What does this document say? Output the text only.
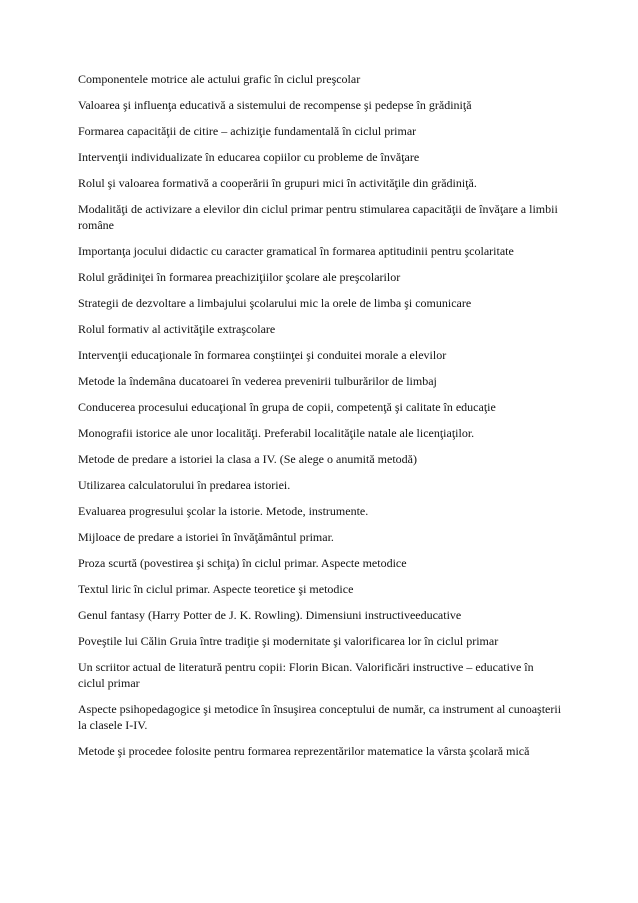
Componentele motrice ale actului grafic în ciclul preşcolar
Valoarea şi influenţa educativă a sistemului de recompense şi pedepse în grădiniţă
Formarea capacităţii de citire – achiziţie fundamentală în ciclul primar
Intervenţii individualizate în educarea copiilor cu probleme de învăţare
Rolul şi valoarea formativă a cooperării în grupuri mici în activităţile din grădiniţă.
Modalităţi de activizare a elevilor din ciclul primar pentru stimularea capacităţii de învăţare a limbii române
Importanţa jocului didactic cu caracter gramatical în formarea aptitudinii pentru şcolaritate
Rolul grădiniţei în formarea preachiziţiilor şcolare ale preşcolarilor
Strategii de dezvoltare a limbajului şcolarului mic la orele de limba şi comunicare
Rolul formativ al activităţile extraşcolare
Intervenţii educaţionale în formarea conştiinţei şi conduitei morale a elevilor
Metode la îndemâna ducatoarei în vederea prevenirii tulburărilor de limbaj
Conducerea procesului educaţional în grupa de copii, competenţă şi calitate în educaţie
Monografii istorice ale unor localităţi. Preferabil localităţile natale ale licenţiaţilor.
Metode de predare a istoriei la clasa a IV. (Se alege o anumită metodă)
Utilizarea calculatorului în predarea istoriei.
Evaluarea progresului şcolar la istorie. Metode, instrumente.
Mijloace de predare a istoriei în învăţământul primar.
Proza scurtă (povestirea şi schiţa) în ciclul primar. Aspecte metodice
Textul liric în ciclul primar. Aspecte teoretice şi metodice
Genul fantasy (Harry Potter de J. K. Rowling). Dimensiuni instructiveeducative
Poveştile lui Călin Gruia între tradiţie şi modernitate şi valorificarea lor în ciclul primar
Un scriitor actual de literatură pentru copii: Florin Bican. Valorificări instructive – educative în ciclul primar
Aspecte psihopedagogice şi metodice în însuşirea conceptului de număr, ca instrument al cunoaşterii la clasele I-IV.
Metode şi procedee folosite pentru formarea reprezentărilor matematice la vârsta şcolară mică
